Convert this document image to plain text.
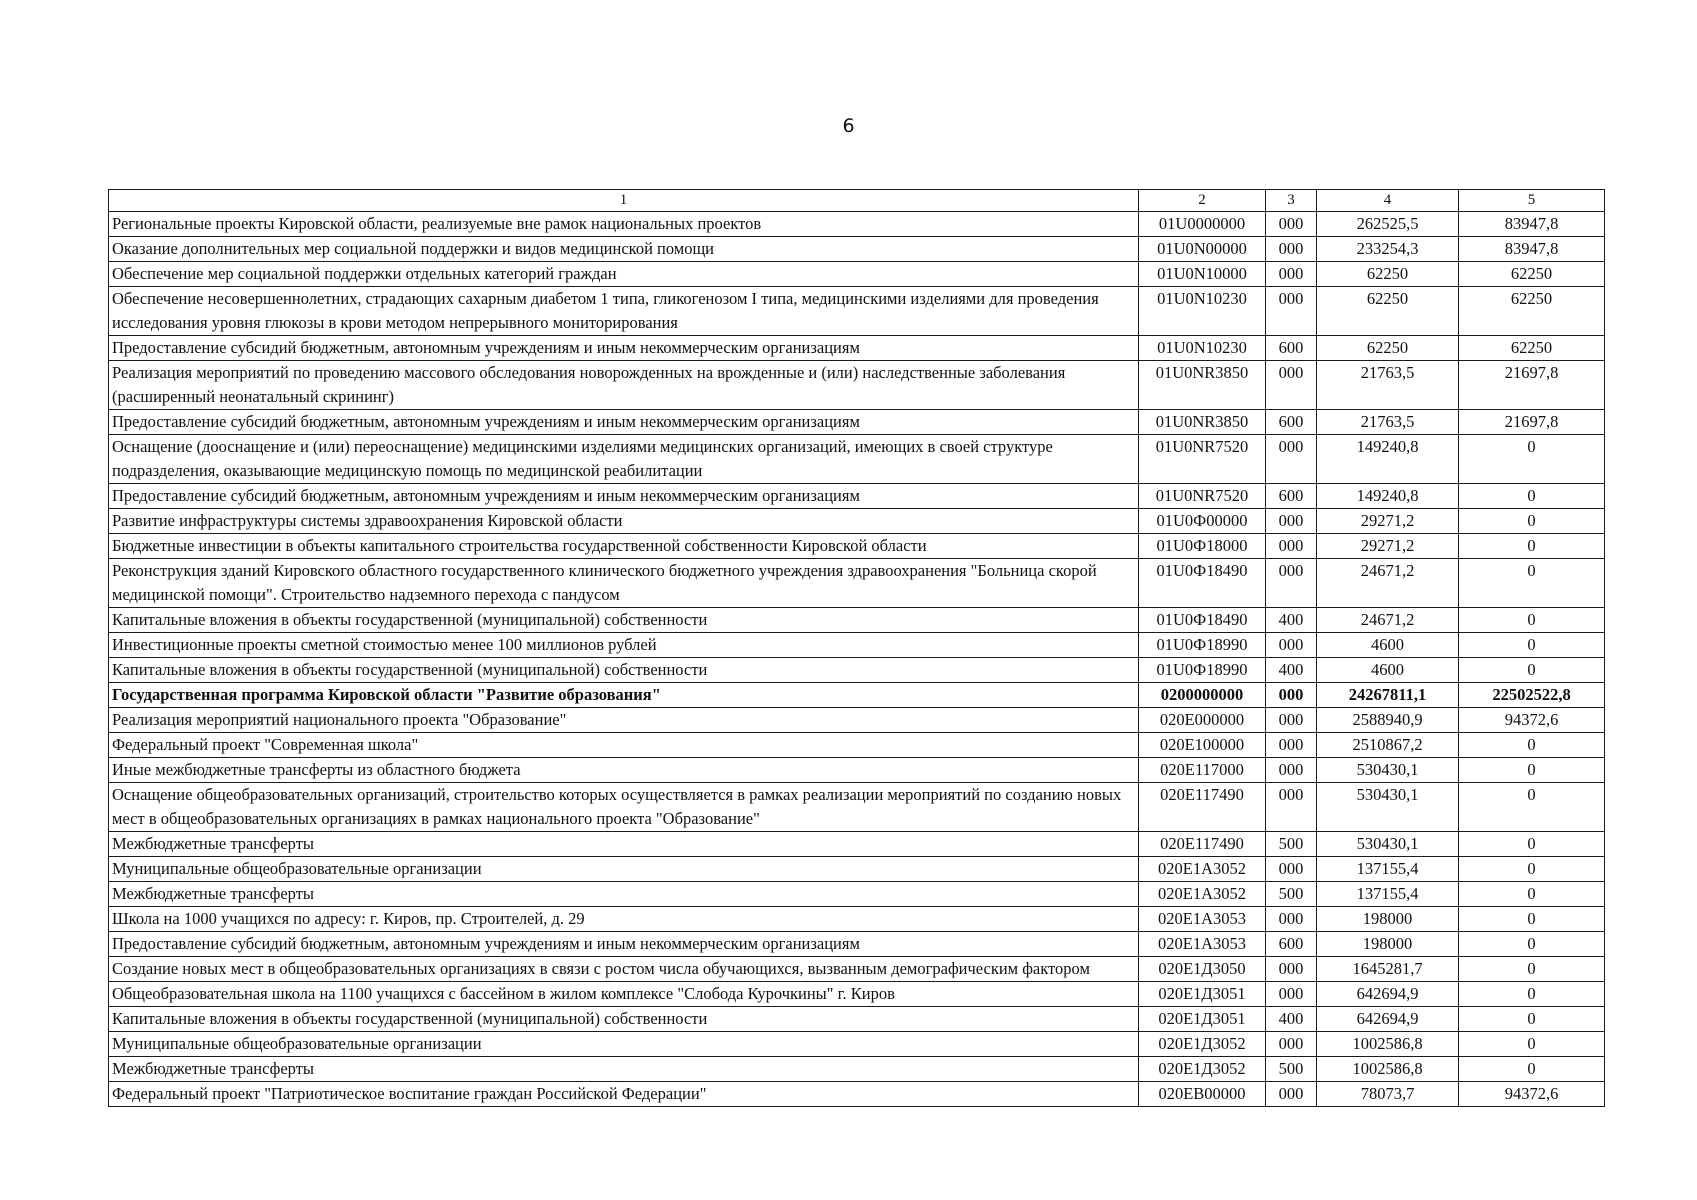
6
1	2	3	4	5
Региональные проекты Кировской области, реализуемые вне рамок национальных проектов	01U0000000	000	262525,5	83947,8
Оказание дополнительных мер социальной поддержки и видов медицинской помощи	01U0N00000	000	233254,3	83947,8
Обеспечение мер социальной поддержки отдельных категорий граждан	01U0N10000	000	62250	62250
Обеспечение несовершеннолетних, страдающих сахарным диабетом 1 типа, гликогенозом I типа, медицинскими изделиями для проведения исследования уровня глюкозы в крови методом непрерывного мониторирования	01U0N10230	000	62250	62250
Предоставление субсидий бюджетным, автономным учреждениям и иным некоммерческим организациям	01U0N10230	600	62250	62250
Реализация мероприятий по проведению массового обследования новорожденных на врожденные и (или) наследственные заболевания (расширенный неонатальный скрининг)	01U0NR3850	000	21763,5	21697,8
Предоставление субсидий бюджетным, автономным учреждениям и иным некоммерческим организациям	01U0NR3850	600	21763,5	21697,8
Оснащение (дооснащение и (или) переоснащение) медицинскими изделиями медицинских организаций, имеющих в своей структуре подразделения, оказывающие медицинскую помощь по медицинской реабилитации	01U0NR7520	000	149240,8	0
Предоставление субсидий бюджетным, автономным учреждениям и иным некоммерческим организациям	01U0NR7520	600	149240,8	0
Развитие инфраструктуры системы здравоохранения Кировской области	01U0Ф00000	000	29271,2	0
Бюджетные инвестиции в объекты капитального строительства государственной собственности Кировской области	01U0Ф18000	000	29271,2	0
Реконструкция зданий Кировского областного государственного клинического бюджетного учреждения здравоохранения "Больница скорой медицинской помощи". Строительство надземного перехода с пандусом	01U0Ф18490	000	24671,2	0
Капитальные вложения в объекты государственной (муниципальной) собственности	01U0Ф18490	400	24671,2	0
Инвестиционные проекты сметной стоимостью менее 100 миллионов рублей	01U0Ф18990	000	4600	0
Капитальные вложения в объекты государственной (муниципальной) собственности	01U0Ф18990	400	4600	0
Государственная программа Кировской области "Развитие образования"	0200000000	000	24267811,1	22502522,8
Реализация мероприятий национального проекта "Образование"	020E000000	000	2588940,9	94372,6
Федеральный проект "Современная школа"	020E100000	000	2510867,2	0
Иные межбюджетные трансферты из областного бюджета	020E117000	000	530430,1	0
Оснащение общеобразовательных организаций, строительство которых осуществляется в рамках реализации мероприятий по созданию новых мест в общеобразовательных организациях в рамках национального проекта "Образование"	020E117490	000	530430,1	0
Межбюджетные трансферты	020E117490	500	530430,1	0
Муниципальные общеобразовательные организации	020E1A3052	000	137155,4	0
Межбюджетные трансферты	020E1A3052	500	137155,4	0
Школа на 1000 учащихся по адресу: г. Киров, пр. Строителей, д. 29	020E1A3053	000	198000	0
Предоставление субсидий бюджетным, автономным учреждениям и иным некоммерческим организациям	020E1A3053	600	198000	0
Создание новых мест в общеобразовательных организациях в связи с ростом числа обучающихся, вызванным демографическим фактором	020E1Д3050	000	1645281,7	0
Общеобразовательная школа на 1100 учащихся с бассейном в жилом комплексе "Слобода Курочкины" г. Киров	020E1Д3051	000	642694,9	0
Капитальные вложения в объекты государственной (муниципальной) собственности	020E1Д3051	400	642694,9	0
Муниципальные общеобразовательные организации	020E1Д3052	000	1002586,8	0
Межбюджетные трансферты	020E1Д3052	500	1002586,8	0
Федеральный проект "Патриотическое воспитание граждан Российской Федерации"	020EB00000	000	78073,7	94372,6
